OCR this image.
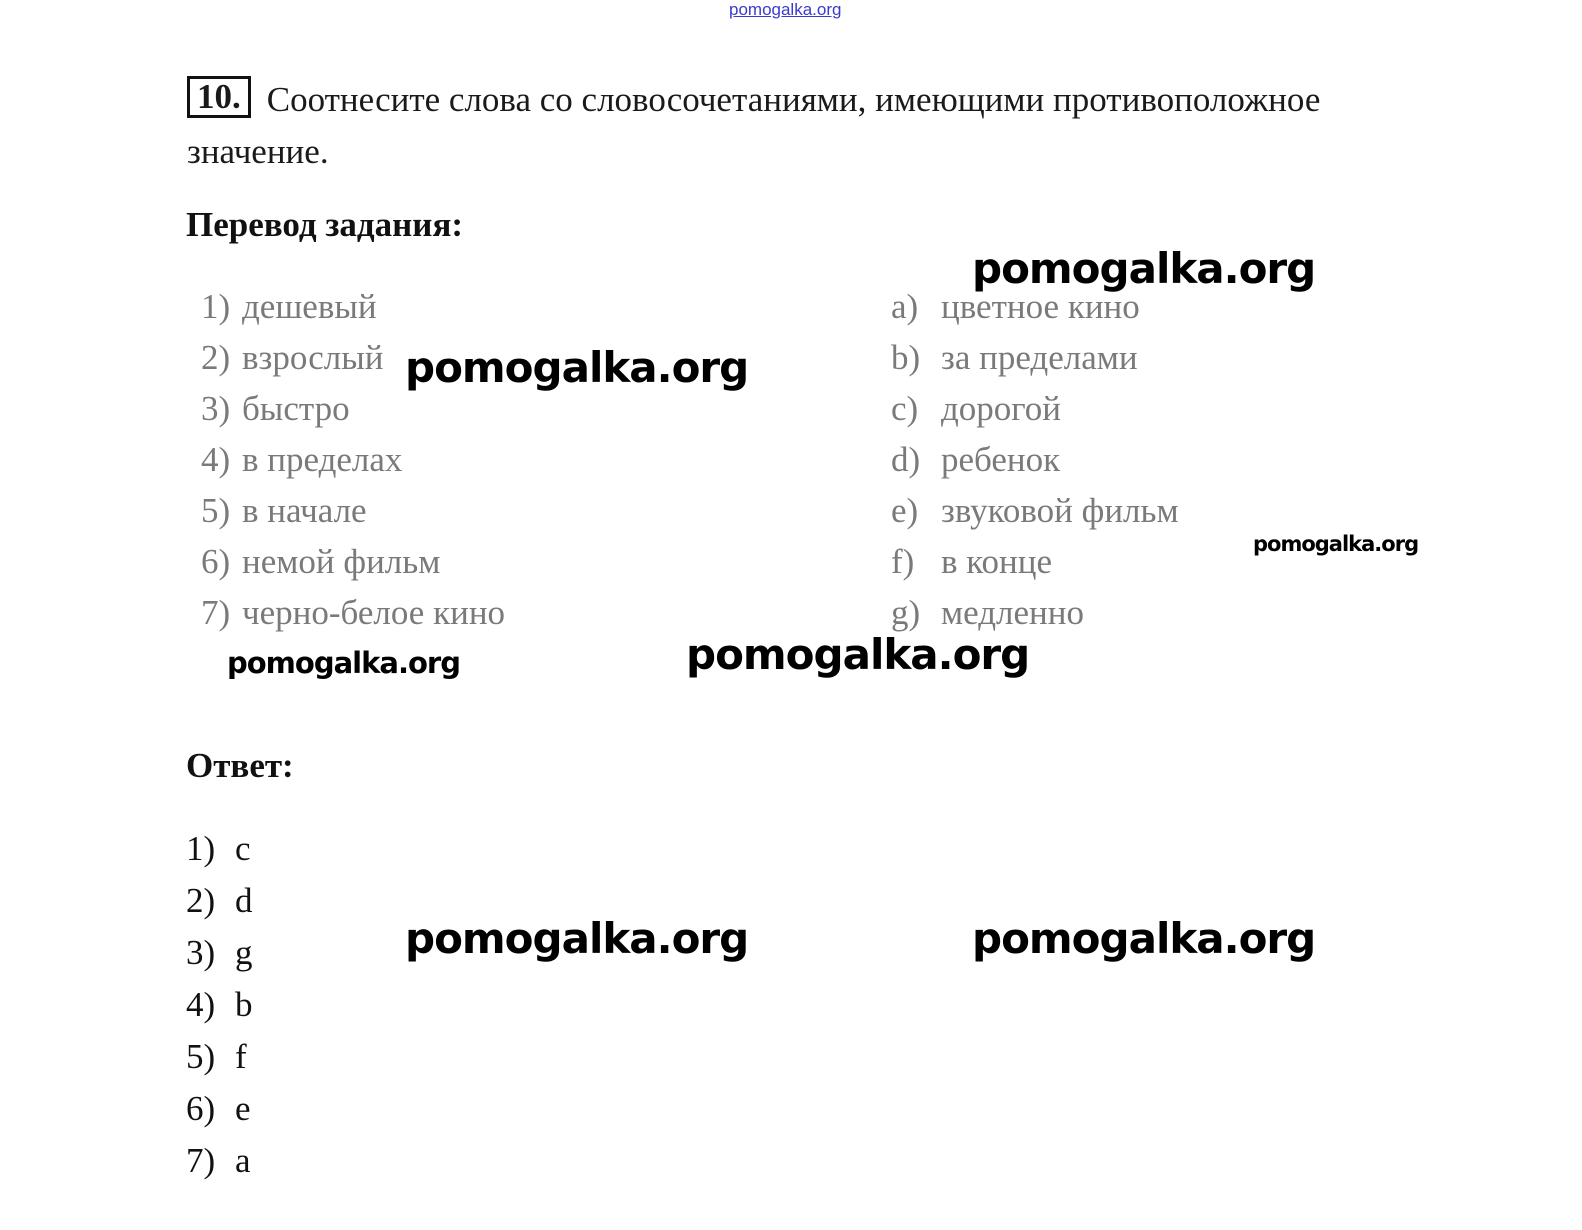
pomogalka.org
10. Соотнесите слова со словосочетаниями, имеющими противоположное значение.
Перевод задания:
1) дешевый
2) взрослый
3) быстро
4) в пределах
5) в начале
6) немой фильм
7) черно-белое кино
a) цветное кино
b) за пределами
c) дорогой
d) ребенок
e) звуковой фильм
f) в конце
g) медленно
Ответ:
1) c
2) d
3) g
4) b
5) f
6) e
7) a
pomogalka.org
pomogalka.org
pomogalka.org
pomogalka.org	pomogalka.org
pomogalka.org	pomogalka.org
